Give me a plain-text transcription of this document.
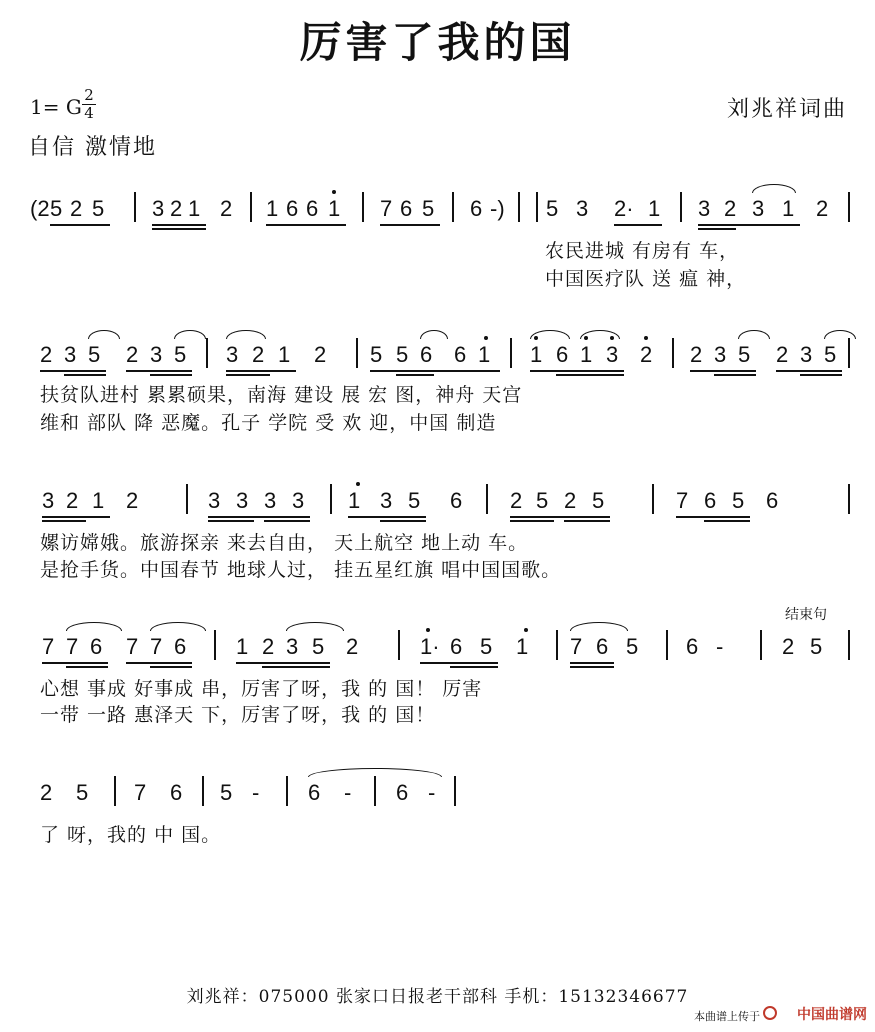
厉害了我的国
1= G 2
4	刘兆祥词曲
自信 激情地
(2 5 2 5 3 2 1 2 1 6 6 1 7 6 5 6 -) 5 3 2· 1 3 2 3 1 2
农民进城 有房有 车，
中国医疗队 送 瘟 神，
2 3 5 2 3 5 3 2 1 2 5 5 6 6 1 1 6 1 3 2 2 3 5 2 3 5
扶贫队进村 累累硕果，南海 建设 展 宏 图，神舟 天宫
维和 部队 降 恶魔。孔子 学院 受 欢 迎，中国 制造
3 2 1 2	3 3 3 3 1 3 5 6 2 5 2 5	7 6 5 6
嫘访嫦娥。旅游探亲 来去自由， 天上航空 地上动 车。
是抢手货。中国春节 地球人过， 挂五星红旗 唱中国国歌。
结束句
7 7 6 7 7 6 1 2 3 5 2	1· 6 5 1 7 6 5 6 -	2 5
心想 事成 好事成 串，厉害了呀，我 的 国！ 厉害
一带 一路 惠泽天 下，厉害了呀，我 的 国！
2 5 7 6 5 - 6 - 6 -
了 呀，我的 中 国。
刘兆祥：075000 张家口日报老干部科 手机：15132346677
本曲谱上传于	中国曲谱网
